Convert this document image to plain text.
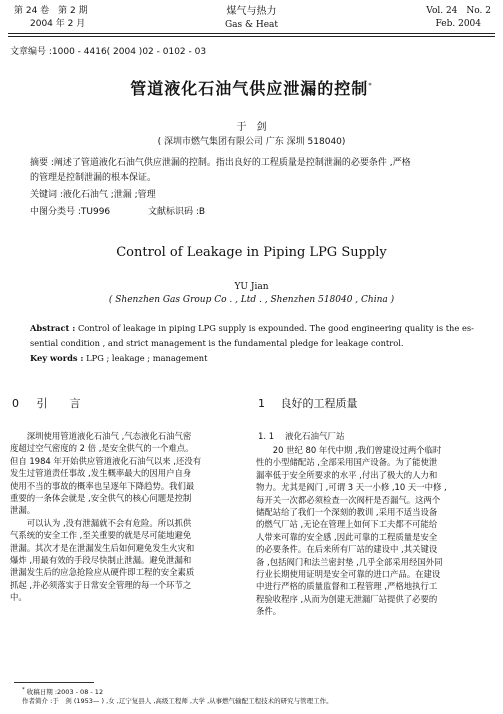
第 24 卷　第 2 期
2004 年 2 月
煤气与热力
Gas & Heat
Vol. 24　No. 2
Feb. 2004
文章编号 :1000 - 4416( 2004 )02 - 0102 - 03
管道液化石油气供应泄漏的控制*
于　剑
( 深圳市燃气集团有限公司 广东 深圳 518040)
摘要 :阐述了管道液化石油气供应泄漏的控制。指出良好的工程质量是控制泄漏的必要条件 ,严格
的管理是控制泄漏的根本保证。
关键词 :液化石油气 ;泄漏 ;管理
中图分类号 :TU996	文献标识码 :B
Control of Leakage in Piping LPG Supply
YU Jian
( Shenzhen Gas Group Co . , Ltd . , Shenzhen 518040 , China )
Abstract : Control of leakage in piping LPG supply is expounded. The good engineering quality is the es-
sential condition , and strict management is the fundamental pledge for leakage control.
Key words : LPG ; leakage ; management
0 引　　言
深圳使用管道液化石油气 ,气态液化石油气密
度超过空气密度的 2 倍 ,是安全供气的一个难点。
但自 1984 年开始供应管道液化石油气以来 ,还没有
发生过管道责任事故 ,发生概率最大的因用户自身
使用不当的事故的概率也呈逐年下降趋势。我们最
重要的一条体会就是 ,安全供气的核心问题是控制
泄漏。
可以认为 ,没有泄漏就不会有危险。所以抓供
气系统的安全工作 ,至关重要的就是尽可能地避免
泄漏。其次才是在泄漏发生后如何避免发生火灾和
爆炸 ,用最有效的手段尽快制止泄漏。避免泄漏和
泄漏发生后的应急抢险应从硬件即工程的安全素质
抓起 ,并必须落实于日常安全管理的每一个环节之
中。
1 良好的工程质量
1. 1 液化石油气厂站
20 世纪 80 年代中期 ,我们曾建设过两个临时
性的小型储配站 ,全部采用国产设备。为了能使泄
漏率低于安全所要求的水平 ,付出了极大的人力和
物力。尤其是阀门 ,可谓 3 天一小修 ,10 天一中修 ,
每开关一次都必须检查一次阀杆是否漏气。这两个
储配站给了我们一个深刻的教训 ,采用不适当设备
的燃气厂站 ,无论在管理上如何下工夫都不可能给
人带来可靠的安全感 ,因此可靠的工程质量是安全
的必要条件。在后来所有厂站的建设中 ,其关键设
备 ,包括阀门和法兰密封垫 ,几乎全部采用经国外同
行业长期使用证明是安全可靠的进口产品。在建设
中进行严格的质量监督和工程管理 ,严格地执行工
程验收程序 ,从而为创建无泄漏厂站提供了必要的
条件。
* 收稿日期 :2003 - 08 - 12
作者简介 :于　剑 (1953— ) ,女 ,辽宁复县人 ,高级工程师 ,大学 ,从事燃气输配工程技术的研究与管理工作。
